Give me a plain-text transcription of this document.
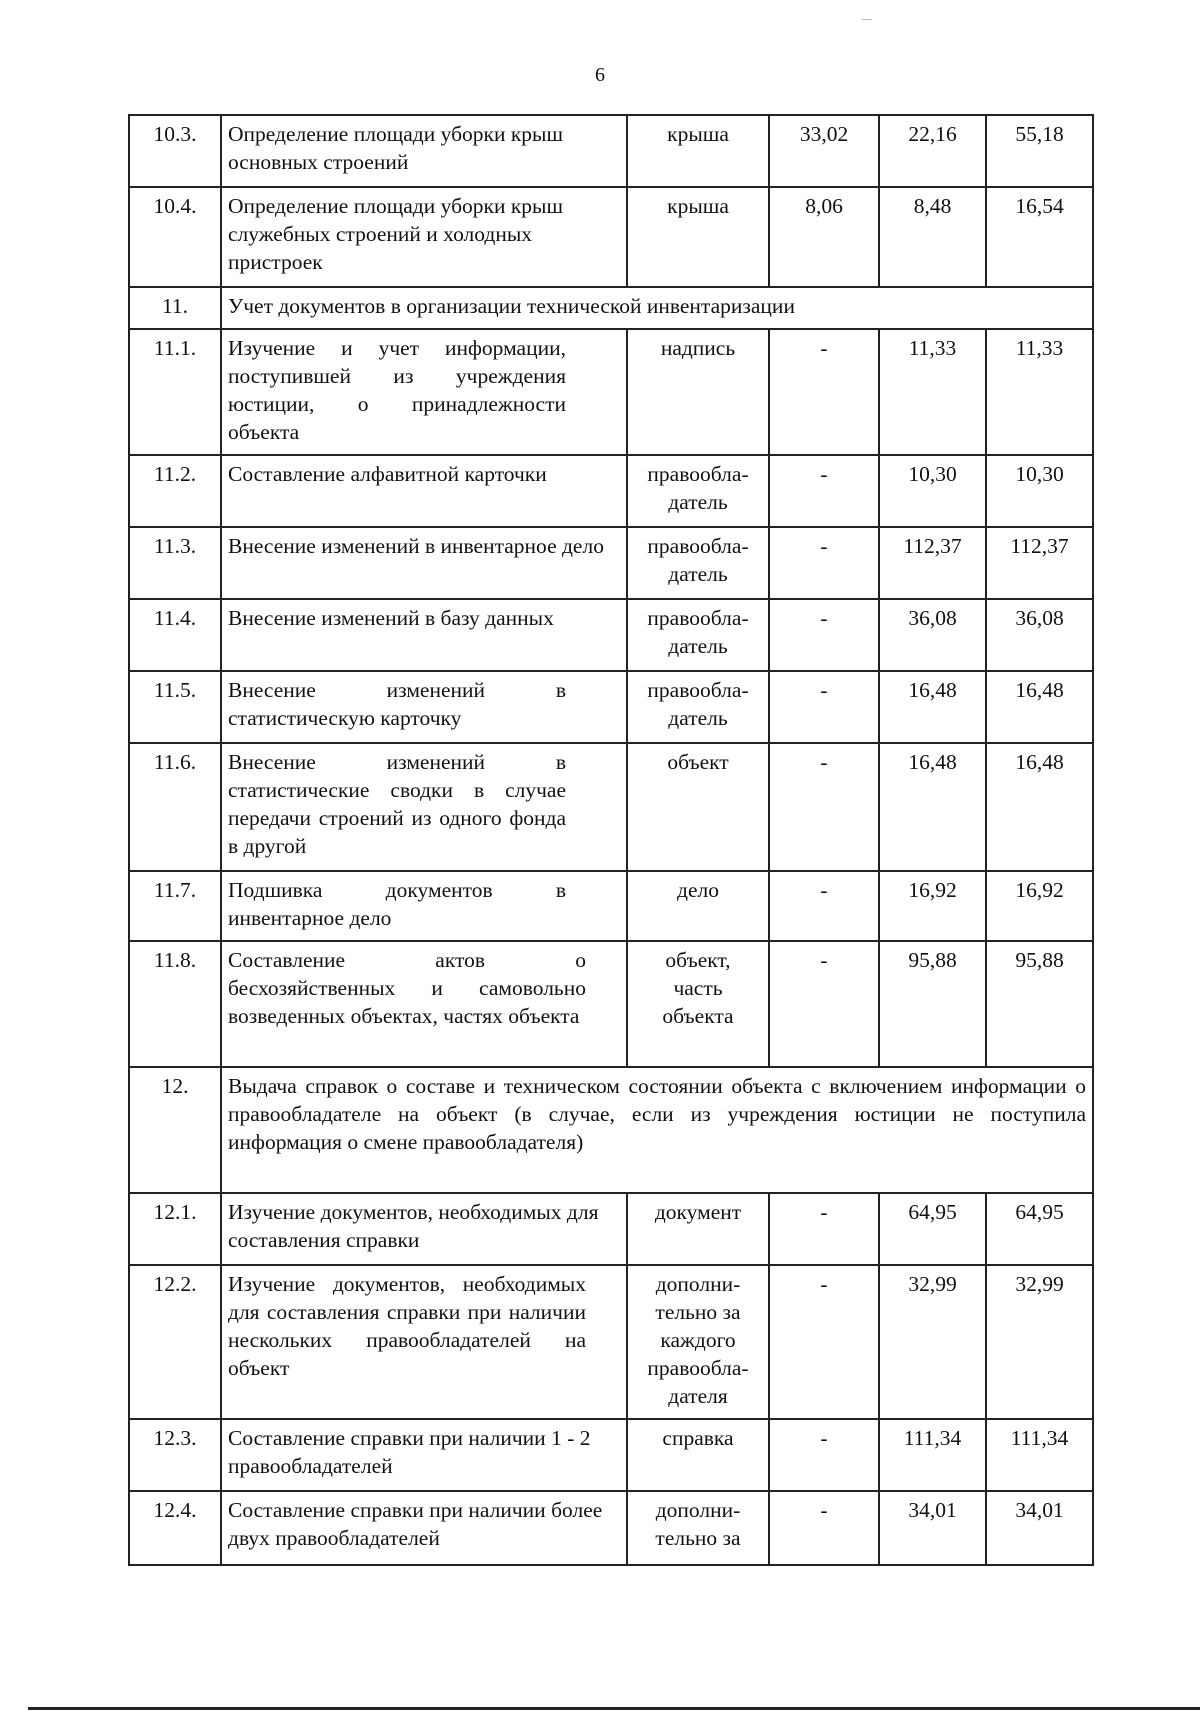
6
10.3.	Определение площади уборки крыш основных строений	крыша	33,02	22,16	55,18
10.4.	Определение площади уборки крыш служебных строений и холодных пристроек	крыша	8,06	8,48	16,54
11.	Учет документов в организации технической инвентаризации				
11.1.	Изучение и учет информации, поступившей из учреждения юстиции, о принадлежности объекта	надпись	-	11,33	11,33
11.2.	Составление алфавитной карточки	правооблa-датель	-	10,30	10,30
11.3.	Внесение изменений в инвентарное дело	правообла-датель	-	112,37	112,37
11.4.	Внесение изменений в базу данных	правообла-датель	-	36,08	36,08
11.5.	Внесение изменений в статистическую карточку	правообла-датель	-	16,48	16,48
11.6.	Внесение изменений в статистические сводки в случае передачи строений из одного фонда в другой	объект	-	16,48	16,48
11.7.	Подшивка документов в инвентарное дело	дело	-	16,92	16,92
11.8.	Составление актов о бесхозяйственных и самовольно возведенных объектах, частях объекта	объект, часть объекта	-	95,88	95,88
12.	Выдача справок о составе и техническом состоянии объекта с включением информации о правообладателе на объект (в случае, если из учреждения юстиции не поступила информация о смене правообладателя)				
12.1.	Изучение документов, необходимых для составления справки	документ	-	64,95	64,95
12.2.	Изучение документов, необходимых для составления справки при наличии нескольких правообладателей на объект	дополни-тельно за каждого правообла-дателя	-	32,99	32,99
12.3.	Составление справки при наличии 1 - 2 правообладателей	справка	-	111,34	111,34
12.4.	Составление справки при наличии более двух правообладателей	дополни-тельно за	-	34,01	34,01
